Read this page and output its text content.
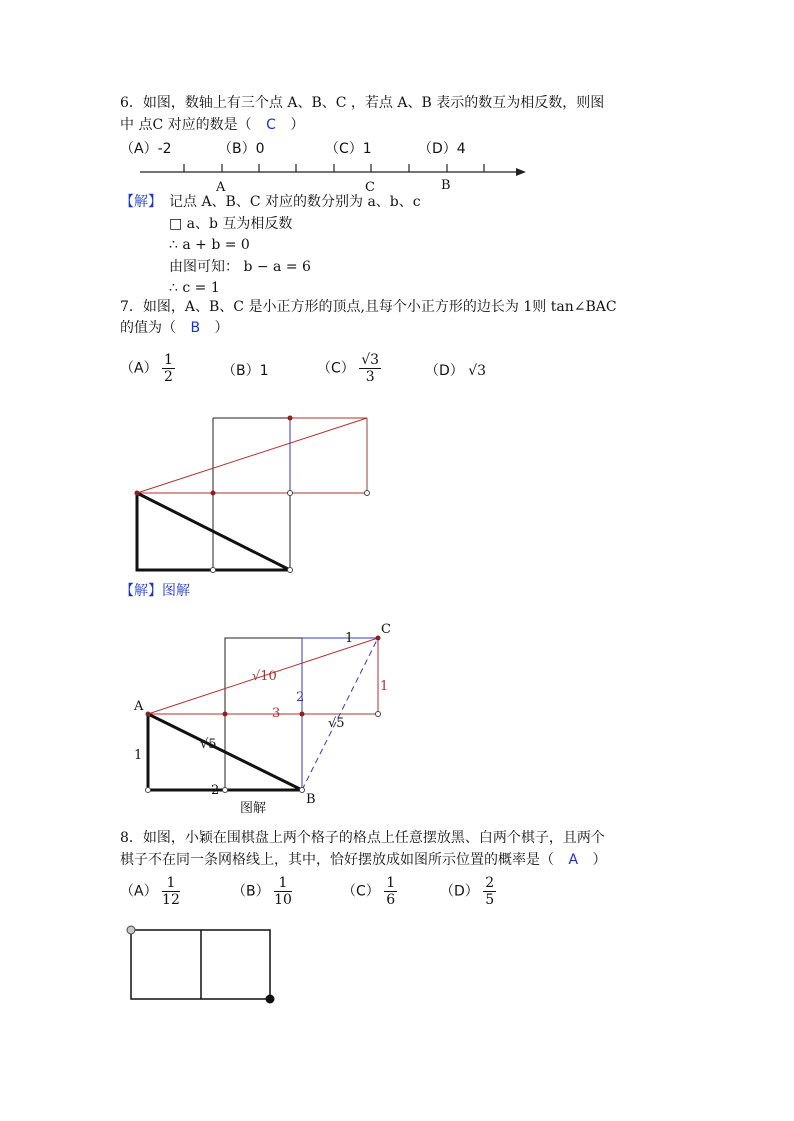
6．如图，数轴上有三个点 A、B、C ，若点 A、B 表示的数互为相反数，则图
中 点C 对应的数是（ C ）
（A）-2	（B）0	（C）1	（D）4
A	C	B
【解】 记点 A、B、C 对应的数分别为 a、b、c
□ a、b 互为相反数
∴ a + b = 0
由图可知： b − a = 6
∴ c = 1
7．如图，A、B、C 是小正方形的顶点,且每个小正方形的边长为 1则 tan∠BAC
的值为（ B ）
$(A) \frac{1}{2}$	（B）1	$(C) \frac{√3}{3}$	（D） √3
【解】图解
A
B
C
1
√10
2
1
3
√5
√5
1
2
图解
8．如图，小颖在围棋盘上两个格子的格点上任意摆放黑、白两个棋子，且两个
棋子不在同一条网格线上，其中，恰好摆放成如图所示位置的概率是（ A ）
$(A) \frac{1}{12}$	$(B) \frac{1}{10}$	$(C) \frac{1}{6}$	$(D) \frac{2}{5}$
